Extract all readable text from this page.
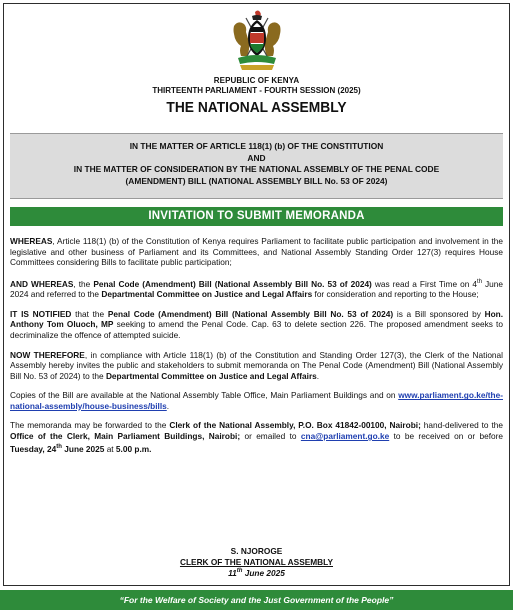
REPUBLIC OF KENYA
THIRTEENTH PARLIAMENT - FOURTH SESSION (2025)
THE NATIONAL ASSEMBLY
IN THE MATTER OF ARTICLE 118(1) (b) OF THE CONSTITUTION
AND
IN THE MATTER OF CONSIDERATION BY THE NATIONAL ASSEMBLY OF THE PENAL CODE
(AMENDMENT) BILL (NATIONAL ASSEMBLY BILL No. 53 OF 2024)
INVITATION TO SUBMIT MEMORANDA

WHEREAS, Article 118(1) (b) of the Constitution of Kenya requires Parliament to facilitate public participation and involvement in the legislative and other business of Parliament and its Committees, and National Assembly Standing Order 127(3) requires House Committees considering Bills to facilitate public participation;

AND WHEREAS, the Penal Code (Amendment) Bill (National Assembly Bill No. 53 of 2024) was read a First Time on 4th June 2024 and referred to the Departmental Committee on Justice and Legal Affairs for consideration and reporting to the House;

IT IS NOTIFIED that the Penal Code (Amendment) Bill (National Assembly Bill No. 53 of 2024) is a Bill sponsored by Hon. Anthony Tom Oluoch, MP seeking to amend the Penal Code. Cap. 63 to delete section 226. The proposed amendment seeks to decriminalize the offence of attempted suicide.

NOW THEREFORE, in compliance with Article 118(1) (b) of the Constitution and Standing Order 127(3), the Clerk of the National Assembly hereby invites the public and stakeholders to submit memoranda on The Penal Code (Amendment) Bill (National Assembly Bill No. 53 of 2024) to the Departmental Committee on Justice and Legal Affairs.

Copies of the Bill are available at the National Assembly Table Office, Main Parliament Buildings and on www.parliament.go.ke/the-national-assembly/house-business/bills.

The memoranda may be forwarded to the Clerk of the National Assembly, P.O. Box 41842-00100, Nairobi; hand-delivered to the Office of the Clerk, Main Parliament Buildings, Nairobi; or emailed to cna@parliament.go.ke to be received on or before Tuesday, 24th June 2025 at 5.00 p.m.

S. NJOROGE
CLERK OF THE NATIONAL ASSEMBLY
11th June 2025
“For the Welfare of Society and the Just Government of the People”
